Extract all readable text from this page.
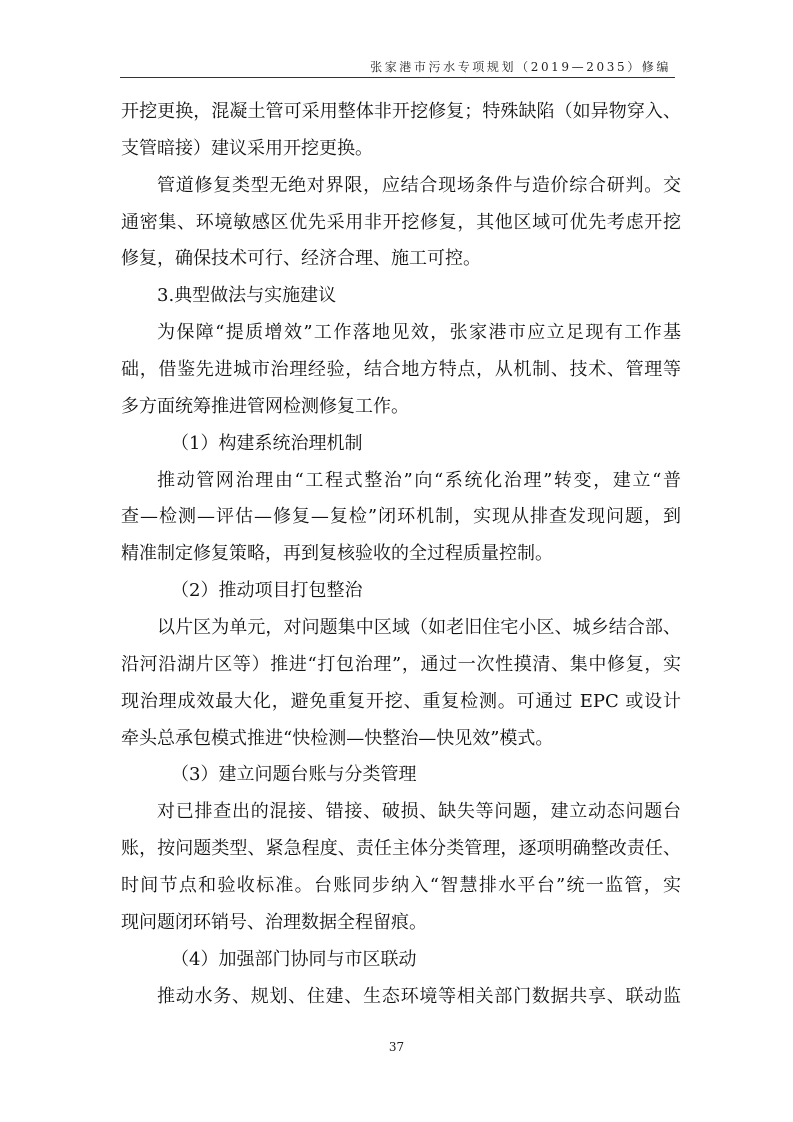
张家港市污水专项规划（2019—2035）修编
开挖更换，混凝土管可采用整体非开挖修复；特殊缺陷（如异物穿入、
支管暗接）建议采用开挖更换。
管道修复类型无绝对界限，应结合现场条件与造价综合研判。交
通密集、环境敏感区优先采用非开挖修复，其他区域可优先考虑开挖
修复，确保技术可行、经济合理、施工可控。
3.典型做法与实施建议
为保障“提质增效”工作落地见效，张家港市应立足现有工作基
础，借鉴先进城市治理经验，结合地方特点，从机制、技术、管理等
多方面统筹推进管网检测修复工作。
（1）构建系统治理机制
推动管网治理由“工程式整治”向“系统化治理”转变，建立“普
查—检测—评估—修复—复检”闭环机制，实现从排查发现问题，到
精准制定修复策略，再到复核验收的全过程质量控制。
（2）推动项目打包整治
以片区为单元，对问题集中区域（如老旧住宅小区、城乡结合部、
沿河沿湖片区等）推进“打包治理”，通过一次性摸清、集中修复，实
现治理成效最大化，避免重复开挖、重复检测。可通过 EPC 或设计
牵头总承包模式推进“快检测—快整治—快见效”模式。
（3）建立问题台账与分类管理
对已排查出的混接、错接、破损、缺失等问题，建立动态问题台
账，按问题类型、紧急程度、责任主体分类管理，逐项明确整改责任、
时间节点和验收标准。台账同步纳入“智慧排水平台”统一监管，实
现问题闭环销号、治理数据全程留痕。
（4）加强部门协同与市区联动
推动水务、规划、住建、生态环境等相关部门数据共享、联动监
37
